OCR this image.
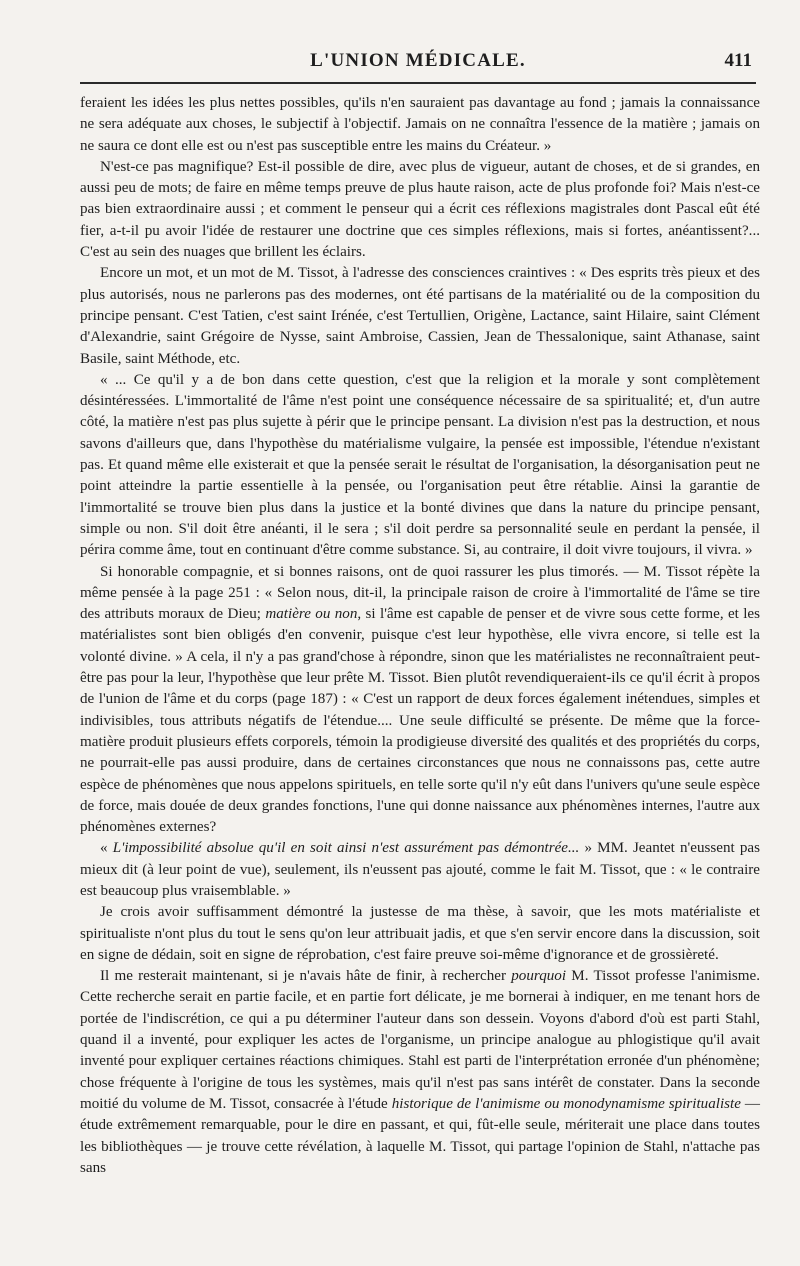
L'UNION MÉDICALE.	411

feraient les idées les plus nettes possibles, qu'ils n'en sauraient pas davantage au fond ; jamais la connaissance ne sera adéquate aux choses, le subjectif à l'objectif. Jamais on ne connaîtra l'essence de la matière ; jamais on ne saura ce dont elle est ou n'est pas susceptible entre les mains du Créateur. »

N'est-ce pas magnifique? Est-il possible de dire, avec plus de vigueur, autant de choses, et de si grandes, en aussi peu de mots; de faire en même temps preuve de plus haute raison, acte de plus profonde foi? Mais n'est-ce pas bien extraordinaire aussi ; et comment le penseur qui a écrit ces réflexions magistrales dont Pascal eût été fier, a-t-il pu avoir l'idée de restaurer une doctrine que ces simples réflexions, mais si fortes, anéantissent?... C'est au sein des nuages que brillent les éclairs.

Encore un mot, et un mot de M. Tissot, à l'adresse des consciences craintives : « Des esprits très pieux et des plus autorisés, nous ne parlerons pas des modernes, ont été partisans de la matérialité ou de la composition du principe pensant. C'est Tatien, c'est saint Irénée, c'est Tertullien, Origène, Lactance, saint Hilaire, saint Clément d'Alexandrie, saint Grégoire de Nysse, saint Ambroise, Cassien, Jean de Thessalonique, saint Athanase, saint Basile, saint Méthode, etc.

« ... Ce qu'il y a de bon dans cette question, c'est que la religion et la morale y sont complètement désintéressées. L'immortalité de l'âme n'est point une conséquence nécessaire de sa spiritualité; et, d'un autre côté, la matière n'est pas plus sujette à périr que le principe pensant. La division n'est pas la destruction, et nous savons d'ailleurs que, dans l'hypothèse du matérialisme vulgaire, la pensée est impossible, l'étendue n'existant pas. Et quand même elle existerait et que la pensée serait le résultat de l'organisation, la désorganisation peut ne point atteindre la partie essentielle à la pensée, ou l'organisation peut être rétablie. Ainsi la garantie de l'immortalité se trouve bien plus dans la justice et la bonté divines que dans la nature du principe pensant, simple ou non. S'il doit être anéanti, il le sera ; s'il doit perdre sa personnalité seule en perdant la pensée, il périra comme âme, tout en continuant d'être comme substance. Si, au contraire, il doit vivre toujours, il vivra. »

Si honorable compagnie, et si bonnes raisons, ont de quoi rassurer les plus timorés. — M. Tissot répète la même pensée à la page 251 : « Selon nous, dit-il, la principale raison de croire à l'immortalité de l'âme se tire des attributs moraux de Dieu; matière ou non, si l'âme est capable de penser et de vivre sous cette forme, et les matérialistes sont bien obligés d'en convenir, puisque c'est leur hypothèse, elle vivra encore, si telle est la volonté divine. » A cela, il n'y a pas grand'chose à répondre, sinon que les matérialistes ne reconnaîtraient peut-être pas pour la leur, l'hypothèse que leur prête M. Tissot. Bien plutôt revendiqueraient-ils ce qu'il écrit à propos de l'union de l'âme et du corps (page 187) : « C'est un rapport de deux forces également inétendues, simples et indivisibles, tous attributs négatifs de l'étendue.... Une seule difficulté se présente. De même que la force-matière produit plusieurs effets corporels, témoin la prodigieuse diversité des qualités et des propriétés du corps, ne pourrait-elle pas aussi produire, dans de certaines circonstances que nous ne connaissons pas, cette autre espèce de phénomènes que nous appelons spirituels, en telle sorte qu'il n'y eût dans l'univers qu'une seule espèce de force, mais douée de deux grandes fonctions, l'une qui donne naissance aux phénomènes internes, l'autre aux phénomènes externes?

« L'impossibilité absolue qu'il en soit ainsi n'est assurément pas démontrée... » MM. Jeantet n'eussent pas mieux dit (à leur point de vue), seulement, ils n'eussent pas ajouté, comme le fait M. Tissot, que : « le contraire est beaucoup plus vraisemblable. »

Je crois avoir suffisamment démontré la justesse de ma thèse, à savoir, que les mots matérialiste et spiritualiste n'ont plus du tout le sens qu'on leur attribuait jadis, et que s'en servir encore dans la discussion, soit en signe de dédain, soit en signe de réprobation, c'est faire preuve soi-même d'ignorance et de grossièreté.

Il me resterait maintenant, si je n'avais hâte de finir, à rechercher pourquoi M. Tissot professe l'animisme. Cette recherche serait en partie facile, et en partie fort délicate, je me bornerai à indiquer, en me tenant hors de portée de l'indiscrétion, ce qui a pu déterminer l'auteur dans son dessein. Voyons d'abord d'où est parti Stahl, quand il a inventé, pour expliquer les actes de l'organisme, un principe analogue au phlogistique qu'il avait inventé pour expliquer certaines réactions chimiques. Stahl est parti de l'interprétation erronée d'un phénomène; chose fréquente à l'origine de tous les systèmes, mais qu'il n'est pas sans intérêt de constater. Dans la seconde moitié du volume de M. Tissot, consacrée à l'étude historique de l'animisme ou monodynamisme spiritualiste — étude extrêmement remarquable, pour le dire en passant, et qui, fût-elle seule, mériterait une place dans toutes les bibliothèques — je trouve cette révélation, à laquelle M. Tissot, qui partage l'opinion de Stahl, n'attache pas sans
